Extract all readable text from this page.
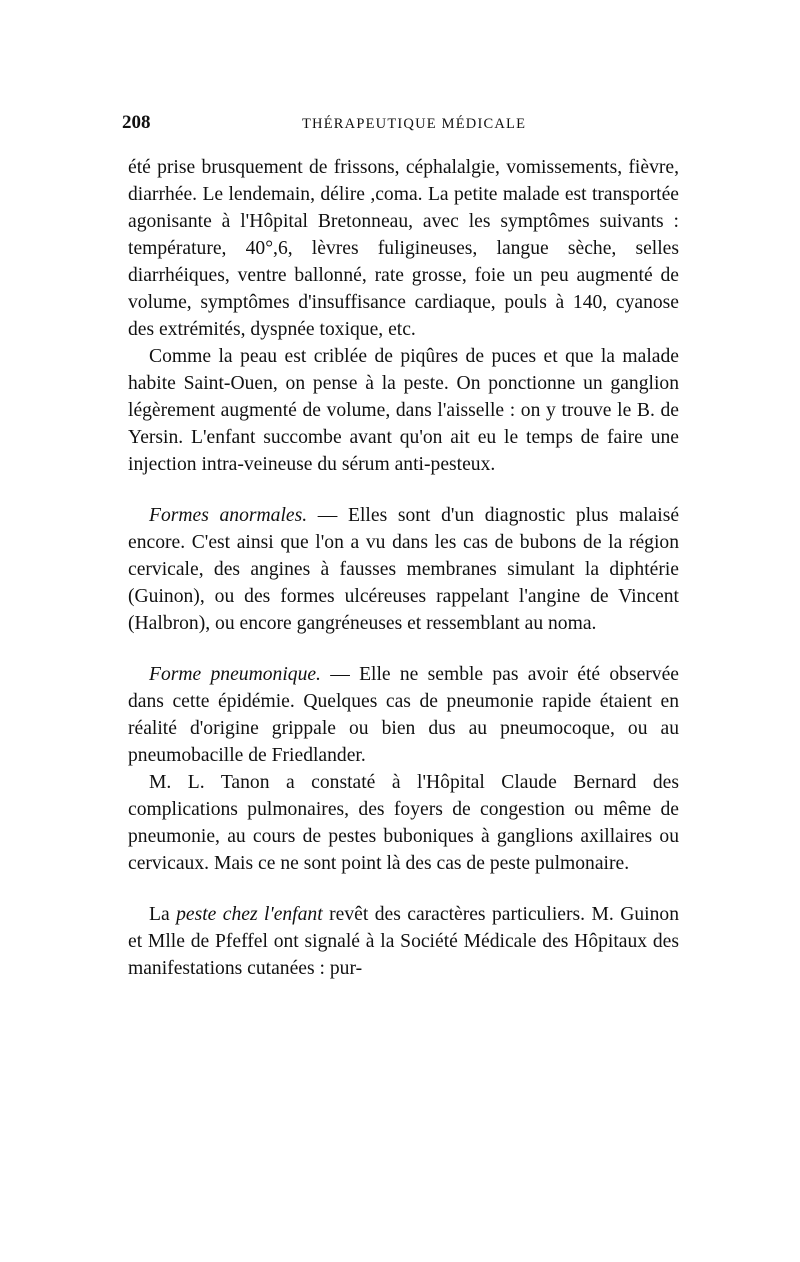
208	THÉRAPEUTIQUE MÉDICALE

été prise brusquement de frissons, céphalalgie, vomissements, fièvre, diarrhée. Le lendemain, délire ,coma. La petite malade est transportée agonisante à l'Hôpital Bretonneau, avec les symptômes suivants : température, 40°,6, lèvres fuligineuses, langue sèche, selles diarrhéiques, ventre ballonné, rate grosse, foie un peu augmenté de volume, symptômes d'insuffisance cardiaque, pouls à 140, cyanose des extrémités, dyspnée toxique, etc.

Comme la peau est criblée de piqûres de puces et que la malade habite Saint-Ouen, on pense à la peste. On ponctionne un ganglion légèrement augmenté de volume, dans l'aisselle : on y trouve le B. de Yersin. L'enfant succombe avant qu'on ait eu le temps de faire une injection intra-veineuse du sérum anti-pesteux.

Formes anormales. — Elles sont d'un diagnostic plus malaisé encore. C'est ainsi que l'on a vu dans les cas de bubons de la région cervicale, des angines à fausses membranes simulant la diphtérie (Guinon), ou des formes ulcéreuses rappelant l'angine de Vincent (Halbron), ou encore gangréneuses et ressemblant au noma.

Forme pneumonique. — Elle ne semble pas avoir été observée dans cette épidémie. Quelques cas de pneumonie rapide étaient en réalité d'origine grippale ou bien dus au pneumocoque, ou au pneumobacille de Friedlander.

M. L. Tanon a constaté à l'Hôpital Claude Bernard des complications pulmonaires, des foyers de congestion ou même de pneumonie, au cours de pestes buboniques à ganglions axillaires ou cervicaux. Mais ce ne sont point là des cas de peste pulmonaire.

La peste chez l'enfant revêt des caractères particuliers. M. Guinon et Mlle de Pfeffel ont signalé à la Société Médicale des Hôpitaux des manifestations cutanées : pur-
